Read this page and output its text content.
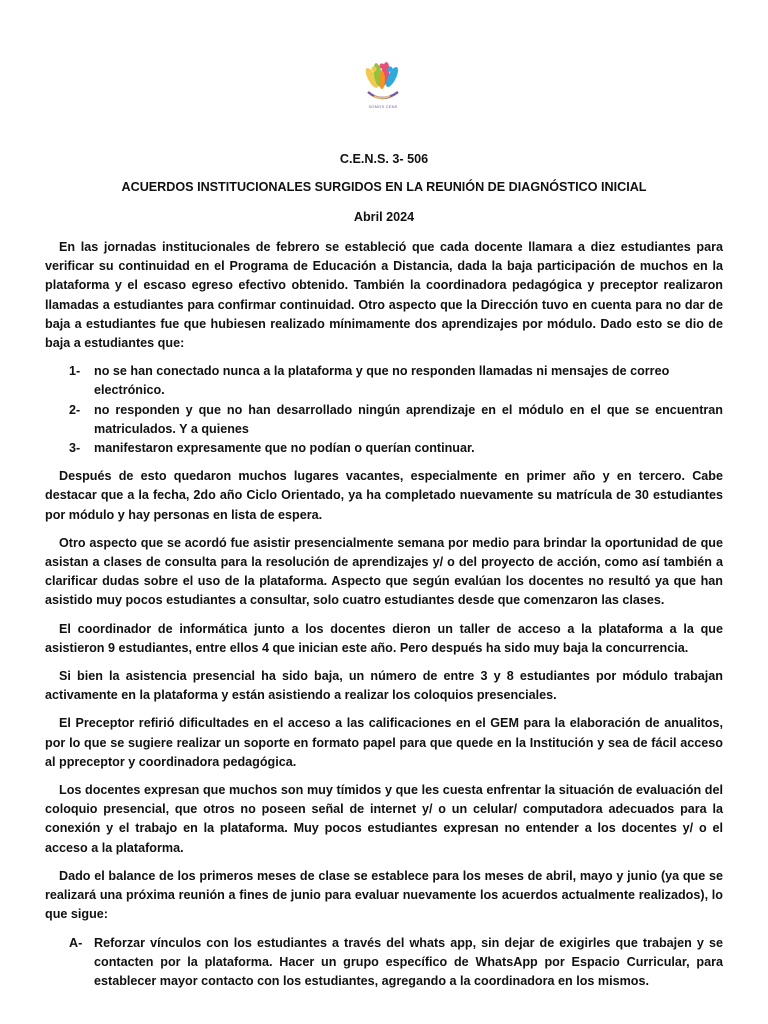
SOMOS CENS
C.E.N.S. 3- 506
ACUERDOS INSTITUCIONALES SURGIDOS EN LA REUNIÓN DE DIAGNÓSTICO INICIAL
Abril 2024

En las jornadas institucionales de febrero se estableció que cada docente llamara a diez estudiantes para verificar su continuidad en el Programa de Educación a Distancia, dada la baja participación de muchos en la plataforma y el escaso egreso efectivo obtenido. También la coordinadora pedagógica y preceptor realizaron llamadas a estudiantes para confirmar continuidad. Otro aspecto que la Dirección tuvo en cuenta para no dar de baja a estudiantes fue que hubiesen realizado mínimamente dos aprendizajes por módulo. Dado esto se dio de baja a estudiantes que:

1-	no se han conectado nunca a la plataforma y que no responden llamadas ni mensajes de correo electrónico.
2-	no responden y que no han desarrollado ningún aprendizaje en el módulo en el que se encuentran matriculados. Y a quienes
3-	manifestaron expresamente que no podían o querían continuar.

Después de esto quedaron muchos lugares vacantes, especialmente en primer año y en tercero. Cabe destacar que a la fecha, 2do año Ciclo Orientado, ya ha completado nuevamente su matrícula de 30 estudiantes por módulo y hay personas en lista de espera.

Otro aspecto que se acordó fue asistir presencialmente semana por medio para brindar la oportunidad de que asistan a clases de consulta para la resolución de aprendizajes y/ o del proyecto de acción, como así también a clarificar dudas sobre el uso de la plataforma. Aspecto que según evalúan los docentes no resultó ya que han asistido muy pocos estudiantes a consultar, solo cuatro estudiantes desde que comenzaron las clases.

El coordinador de informática junto a los docentes dieron un taller de acceso a la plataforma a la que asistieron 9 estudiantes, entre ellos 4 que inician este año. Pero después ha sido muy baja la concurrencia.

Si bien la asistencia presencial ha sido baja, un número de entre 3 y 8 estudiantes por módulo trabajan activamente en la plataforma y están asistiendo a realizar los coloquios presenciales.

El Preceptor refirió dificultades en el acceso a las calificaciones en el GEM para la elaboración de anualitos, por lo que se sugiere realizar un soporte en formato papel para que quede en la Institución y sea de fácil acceso al ppreceptor y coordinadora pedagógica.

Los docentes expresan que muchos son muy tímidos y que les cuesta enfrentar la situación de evaluación del coloquio presencial, que otros no poseen señal de internet y/ o un celular/ computadora adecuados para la conexión y el trabajo en la plataforma. Muy pocos estudiantes expresan no entender a los docentes y/ o el acceso a la plataforma.

Dado el balance de los primeros meses de clase se establece para los meses de abril, mayo y junio (ya que se realizará una próxima reunión a fines de junio para evaluar nuevamente los acuerdos actualmente realizados), lo que sigue:

A- Reforzar vínculos con los estudiantes a través del whats app, sin dejar de exigirles que trabajen y se contacten por la plataforma. Hacer un grupo específico de WhatsApp por Espacio Curricular, para establecer mayor contacto con los estudiantes, agregando a la coordinadora en los mismos.
